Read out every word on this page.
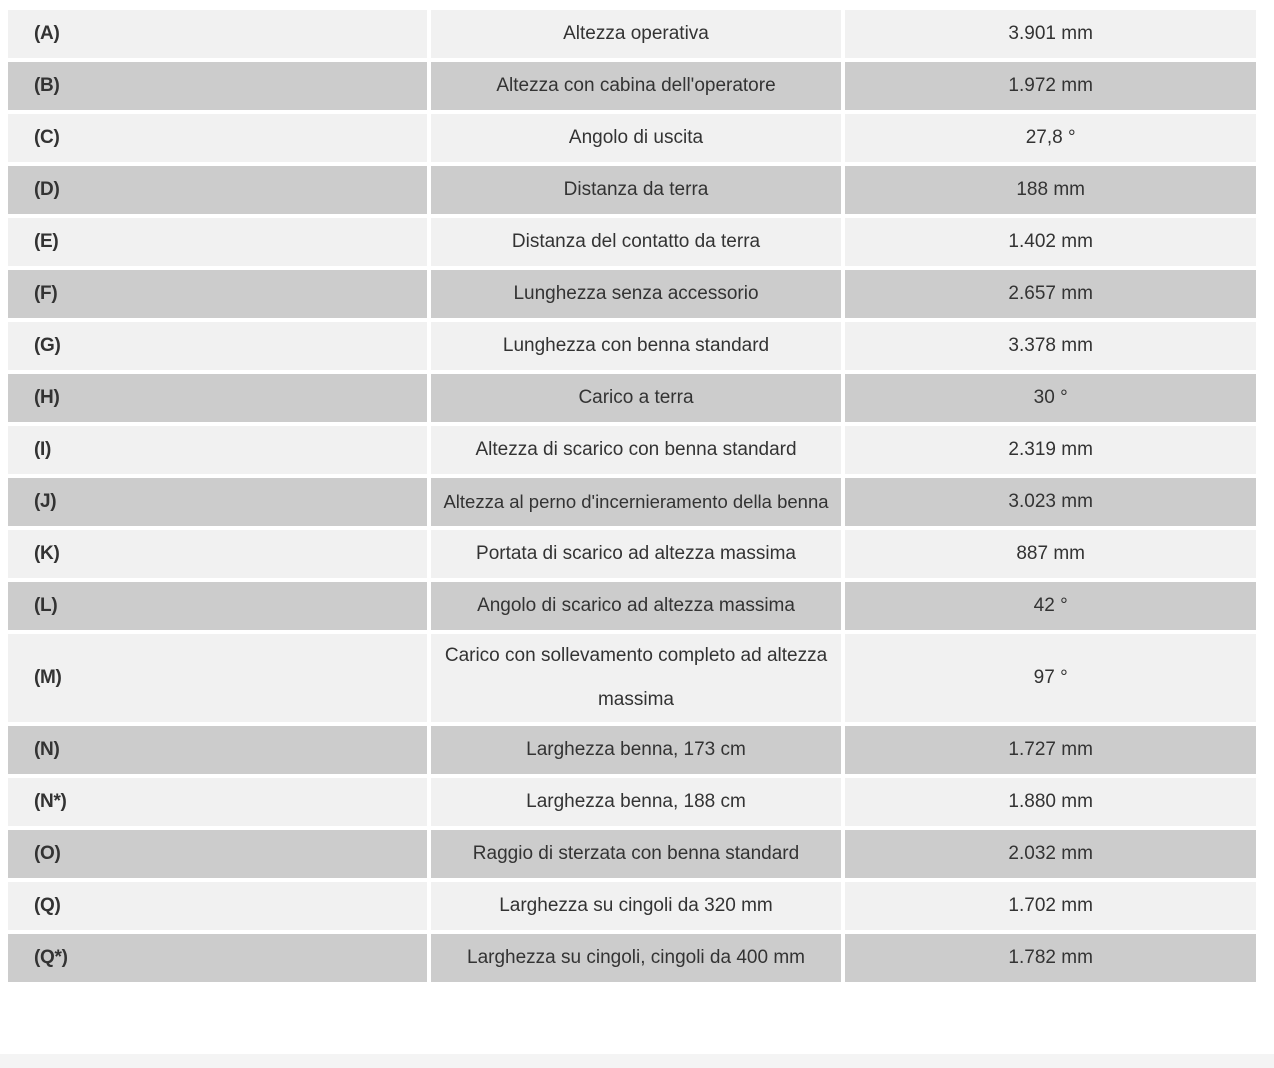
(A)	Altezza operativa	3.901 mm
(B)	Altezza con cabina dell'operatore	1.972 mm
(C)	Angolo di uscita	27,8 °
(D)	Distanza da terra	188 mm
(E)	Distanza del contatto da terra	1.402 mm
(F)	Lunghezza senza accessorio	2.657 mm
(G)	Lunghezza con benna standard	3.378 mm
(H)	Carico a terra	30 °
(I)	Altezza di scarico con benna standard	2.319 mm
(J)	Altezza al perno d'incernieramento della benna	3.023 mm
(K)	Portata di scarico ad altezza massima	887 mm
(L)	Angolo di scarico ad altezza massima	42 °
(M)	Carico con sollevamento completo ad altezza massima	97 °
(N)	Larghezza benna, 173 cm	1.727 mm
(N*)	Larghezza benna, 188 cm	1.880 mm
(O)	Raggio di sterzata con benna standard	2.032 mm
(Q)	Larghezza su cingoli da 320 mm	1.702 mm
(Q*)	Larghezza su cingoli, cingoli da 400 mm	1.782 mm
